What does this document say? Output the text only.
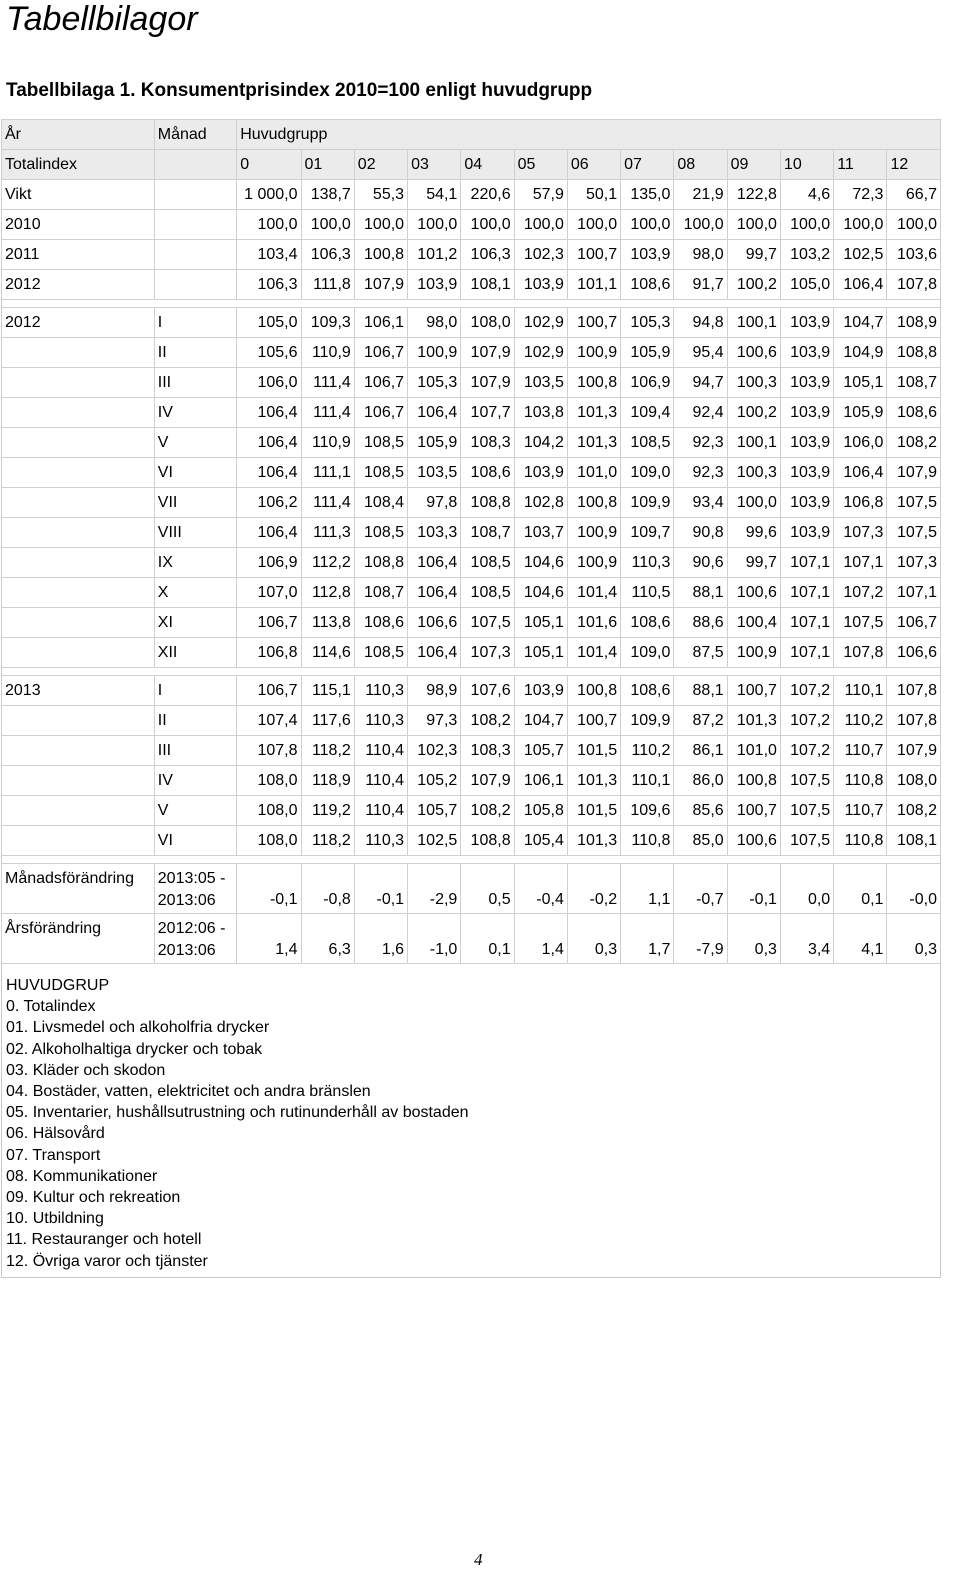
Tabellbilagor
Tabellbilaga 1. Konsumentprisindex 2010=100 enligt huvudgrupp
År	Månad	Huvudgrupp												
Totalindex		0	01	02	03	04	05	06	07	08	09	10	11	12
Vikt		1 000,0	138,7	55,3	54,1	220,6	57,9	50,1	135,0	21,9	122,8	4,6	72,3	66,7
2010		100,0	100,0	100,0	100,0	100,0	100,0	100,0	100,0	100,0	100,0	100,0	100,0	100,0
2011		103,4	106,3	100,8	101,2	106,3	102,3	100,7	103,9	98,0	99,7	103,2	102,5	103,6
2012		106,3	111,8	107,9	103,9	108,1	103,9	101,1	108,6	91,7	100,2	105,0	106,4	107,8

2012	I	105,0	109,3	106,1	98,0	108,0	102,9	100,7	105,3	94,8	100,1	103,9	104,7	108,9
	II	105,6	110,9	106,7	100,9	107,9	102,9	100,9	105,9	95,4	100,6	103,9	104,9	108,8
	III	106,0	111,4	106,7	105,3	107,9	103,5	100,8	106,9	94,7	100,3	103,9	105,1	108,7
	IV	106,4	111,4	106,7	106,4	107,7	103,8	101,3	109,4	92,4	100,2	103,9	105,9	108,6
	V	106,4	110,9	108,5	105,9	108,3	104,2	101,3	108,5	92,3	100,1	103,9	106,0	108,2
	VI	106,4	111,1	108,5	103,5	108,6	103,9	101,0	109,0	92,3	100,3	103,9	106,4	107,9
	VII	106,2	111,4	108,4	97,8	108,8	102,8	100,8	109,9	93,4	100,0	103,9	106,8	107,5
	VIII	106,4	111,3	108,5	103,3	108,7	103,7	100,9	109,7	90,8	99,6	103,9	107,3	107,5
	IX	106,9	112,2	108,8	106,4	108,5	104,6	100,9	110,3	90,6	99,7	107,1	107,1	107,3
	X	107,0	112,8	108,7	106,4	108,5	104,6	101,4	110,5	88,1	100,6	107,1	107,2	107,1
	XI	106,7	113,8	108,6	106,6	107,5	105,1	101,6	108,6	88,6	100,4	107,1	107,5	106,7
	XII	106,8	114,6	108,5	106,4	107,3	105,1	101,4	109,0	87,5	100,9	107,1	107,8	106,6

2013	I	106,7	115,1	110,3	98,9	107,6	103,9	100,8	108,6	88,1	100,7	107,2	110,1	107,8
	II	107,4	117,6	110,3	97,3	108,2	104,7	100,7	109,9	87,2	101,3	107,2	110,2	107,8
	III	107,8	118,2	110,4	102,3	108,3	105,7	101,5	110,2	86,1	101,0	107,2	110,7	107,9
	IV	108,0	118,9	110,4	105,2	107,9	106,1	101,3	110,1	86,0	100,8	107,5	110,8	108,0
	V	108,0	119,2	110,4	105,7	108,2	105,8	101,5	109,6	85,6	100,7	107,5	110,7	108,2
	VI	108,0	118,2	110,3	102,5	108,8	105,4	101,3	110,8	85,0	100,6	107,5	110,8	108,1

Månadsförändring	2013:05 -
2013:06	-0,1	-0,8	-0,1	-2,9	0,5	-0,4	-0,2	1,1	-0,7	-0,1	0,0	0,1	-0,0
Årsförändring	2012:06 -
2013:06	1,4	6,3	1,6	-1,0	0,1	1,4	0,3	1,7	-7,9	0,3	3,4	4,1	0,3
HUVUDGRUP
0. Totalindex
01. Livsmedel och alkoholfria drycker
02. Alkoholhaltiga drycker och tobak
03. Kläder och skodon
04. Bostäder, vatten, elektricitet och andra bränslen
05. Inventarier, hushållsutrustning och rutinunderhåll av bostaden
06. Hälsovård
07. Transport
08. Kommunikationer
09. Kultur och rekreation
10. Utbildning
11. Restauranger och hotell
12. Övriga varor och tjänster
4
